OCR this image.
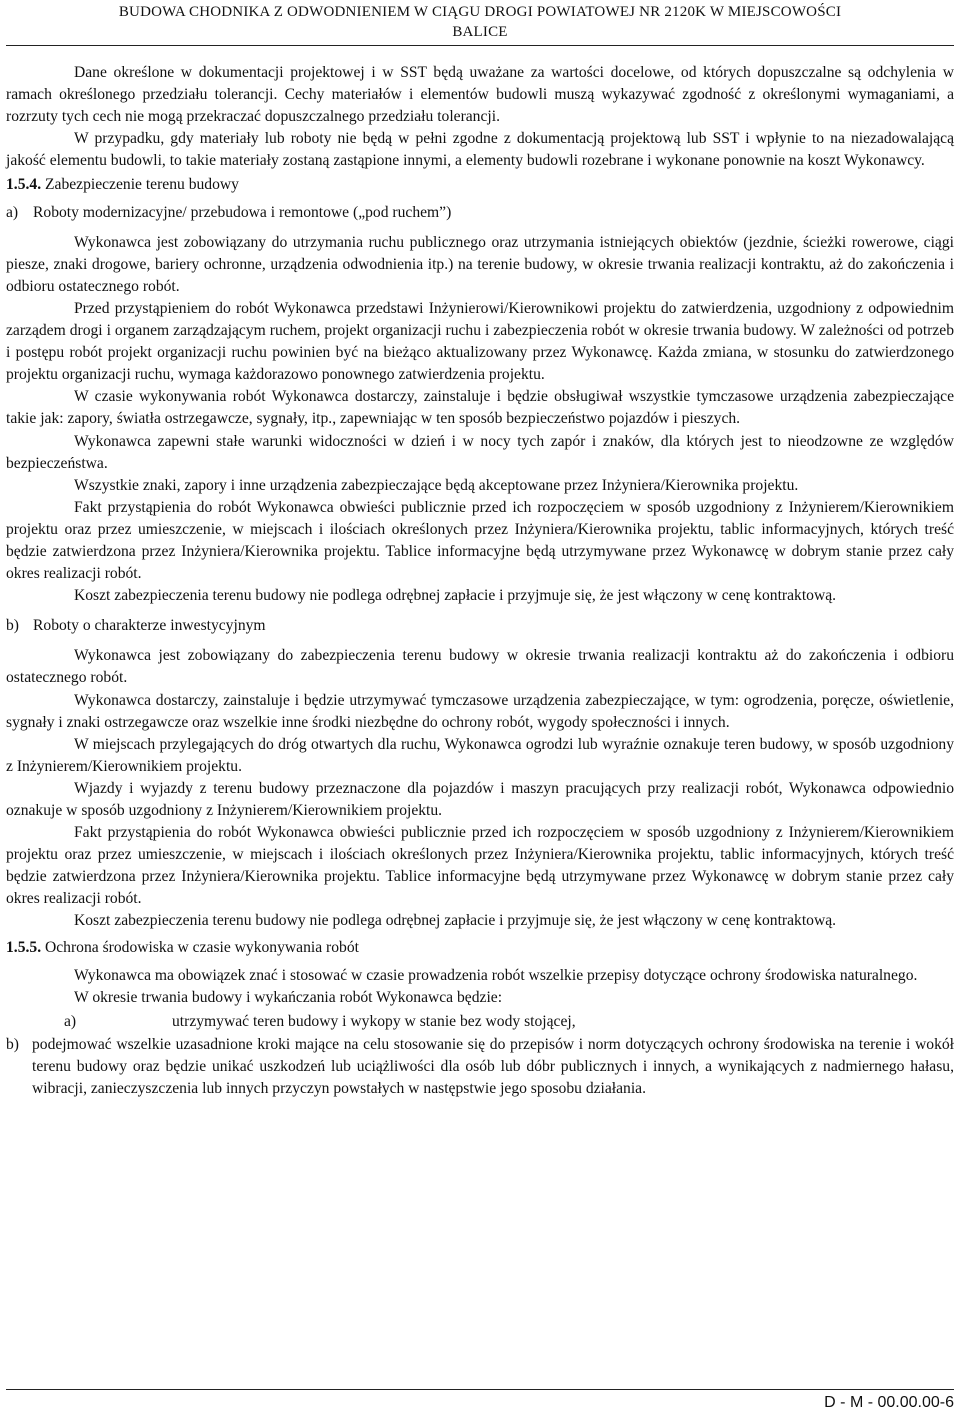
BUDOWA CHODNIKA Z ODWODNIENIEM W CIĄGU DROGI POWIATOWEJ NR 2120K W MIEJSCOWOŚCI
BALICE

Dane określone w dokumentacji projektowej i w SST będą uważane za wartości docelowe, od których dopuszczalne są odchylenia w ramach określonego przedziału tolerancji. Cechy materiałów i elementów budowli muszą wykazywać zgodność z określonymi wymaganiami, a rozrzuty tych cech nie mogą przekraczać dopuszczalnego przedziału tolerancji.

W przypadku, gdy materiały lub roboty nie będą w pełni zgodne z dokumentacją projektową lub SST i wpłynie to na niezadowalającą jakość elementu budowli, to takie materiały zostaną zastąpione innymi, a elementy budowli rozebrane i wykonane ponownie na koszt Wykonawcy.

1.5.4. Zabezpieczenie terenu budowy

a) Roboty modernizacyjne/ przebudowa i remontowe („pod ruchem”)

Wykonawca jest zobowiązany do utrzymania ruchu publicznego oraz utrzymania istniejących obiektów (jezdnie, ścieżki rowerowe, ciągi piesze, znaki drogowe, bariery ochronne, urządzenia odwodnienia itp.) na terenie budowy, w okresie trwania realizacji kontraktu, aż do zakończenia i odbioru ostatecznego robót.

Przed przystąpieniem do robót Wykonawca przedstawi Inżynierowi/Kierownikowi projektu do zatwierdzenia, uzgodniony z odpowiednim zarządem drogi i organem zarządzającym ruchem, projekt organizacji ruchu i zabezpieczenia robót w okresie trwania budowy. W zależności od potrzeb i postępu robót projekt organizacji ruchu powinien być na bieżąco aktualizowany przez Wykonawcę. Każda zmiana, w stosunku do zatwierdzonego projektu organizacji ruchu, wymaga każdorazowo ponownego zatwierdzenia projektu.

W czasie wykonywania robót Wykonawca dostarczy, zainstaluje i będzie obsługiwał wszystkie tymczasowe urządzenia zabezpieczające takie jak: zapory, światła ostrzegawcze, sygnały, itp., zapewniając w ten sposób bezpieczeństwo pojazdów i pieszych.

Wykonawca zapewni stałe warunki widoczności w dzień i w nocy tych zapór i znaków, dla których jest to nieodzowne ze względów bezpieczeństwa.

Wszystkie znaki, zapory i inne urządzenia zabezpieczające będą akceptowane przez Inżyniera/Kierownika projektu.

Fakt przystąpienia do robót Wykonawca obwieści publicznie przed ich rozpoczęciem w sposób uzgodniony z Inżynierem/Kierownikiem projektu oraz przez umieszczenie, w miejscach i ilościach określonych przez Inżyniera/Kierownika projektu, tablic informacyjnych, których treść będzie zatwierdzona przez Inżyniera/Kierownika projektu. Tablice informacyjne będą utrzymywane przez Wykonawcę w dobrym stanie przez cały okres realizacji robót.

Koszt zabezpieczenia terenu budowy nie podlega odrębnej zapłacie i przyjmuje się, że jest włączony w cenę kontraktową.

b) Roboty o charakterze inwestycyjnym

Wykonawca jest zobowiązany do zabezpieczenia terenu budowy w okresie trwania realizacji kontraktu aż do zakończenia i odbioru ostatecznego robót.

Wykonawca dostarczy, zainstaluje i będzie utrzymywać tymczasowe urządzenia zabezpieczające, w tym: ogrodzenia, poręcze, oświetlenie, sygnały i znaki ostrzegawcze oraz wszelkie inne środki niezbędne do ochrony robót, wygody społeczności i innych.

W miejscach przylegających do dróg otwartych dla ruchu, Wykonawca ogrodzi lub wyraźnie oznakuje teren budowy, w sposób uzgodniony z Inżynierem/Kierownikiem projektu.

Wjazdy i wyjazdy z terenu budowy przeznaczone dla pojazdów i maszyn pracujących przy realizacji robót, Wykonawca odpowiednio oznakuje w sposób uzgodniony z Inżynierem/Kierownikiem projektu.

Fakt przystąpienia do robót Wykonawca obwieści publicznie przed ich rozpoczęciem w sposób uzgodniony z Inżynierem/Kierownikiem projektu oraz przez umieszczenie, w miejscach i ilościach określonych przez Inżyniera/Kierownika projektu, tablic informacyjnych, których treść będzie zatwierdzona przez Inżyniera/Kierownika projektu. Tablice informacyjne będą utrzymywane przez Wykonawcę w dobrym stanie przez cały okres realizacji robót.

Koszt zabezpieczenia terenu budowy nie podlega odrębnej zapłacie i przyjmuje się, że jest włączony w cenę kontraktową.

1.5.5. Ochrona środowiska w czasie wykonywania robót

Wykonawca ma obowiązek znać i stosować w czasie prowadzenia robót wszelkie przepisy dotyczące ochrony środowiska naturalnego.

W okresie trwania budowy i wykańczania robót Wykonawca będzie:

a)	utrzymywać teren budowy i wykopy w stanie bez wody stojącej,
b) podejmować wszelkie uzasadnione kroki mające na celu stosowanie się do przepisów i norm dotyczących ochrony środowiska na terenie i wokół terenu budowy oraz będzie unikać uszkodzeń lub uciążliwości dla osób lub dóbr publicznych i innych, a wynikających z nadmiernego hałasu, wibracji, zanieczyszczenia lub innych przyczyn powstałych w następstwie jego sposobu działania.
D - M - 00.00.00-6
